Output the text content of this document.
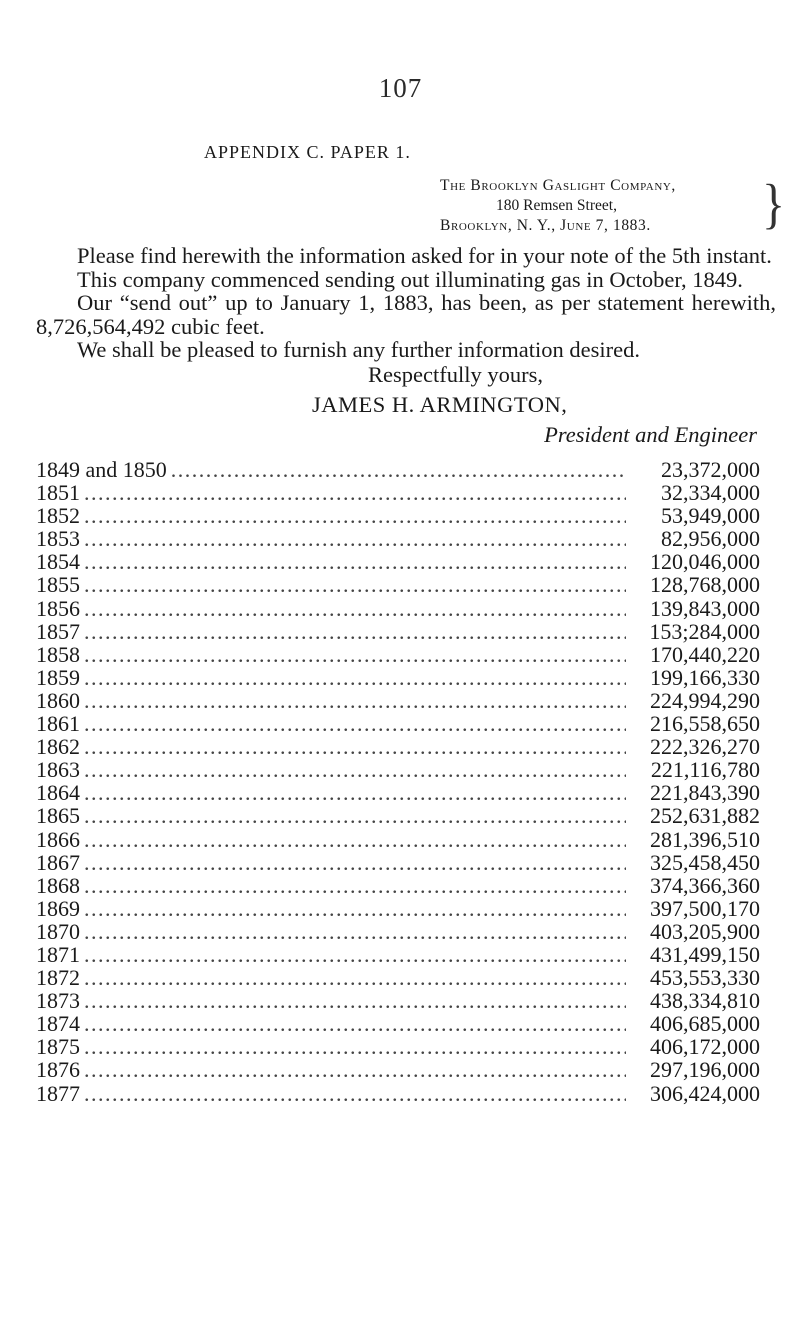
107
APPENDIX C. PAPER 1.
The Brooklyn Gaslight Company,
180 Remsen Street,
Brooklyn, N. Y., June 7, 1883.	}

Please find herewith the information asked for in your note of the 5th instant.

This company commenced sending out illuminating gas in October, 1849.

Our “send out” up to January 1, 1883, has been, as per statement herewith, 8,726,564,492 cubic feet.

We shall be pleased to furnish any further information desired.

Respectfully yours,
JAMES H. ARMINGTON,
President and Engineer
1849 and 1850 . . .	23,372,000
1851 . . .	32,334,000
1852 . . .	53,949,000
1853 . . .	82,956,000
1854 . . .	120,046,000
1855 . . .	128,768,000
1856 . . .	139,843,000
1857 . . .	153;284,000
1858 . . .	170,440,220
1859 . . .	199,166,330
1860 . . .	224,994,290
1861 . . .	216,558,650
1862 . . .	222,326,270
1863 . . .	221,116,780
1864 . . .	221,843,390
1865 . . .	252,631,882
1866 . . .	281,396,510
1867 . . .	325,458,450
1868 . . .	374,366,360
1869 . . .	397,500,170
1870 . . .	403,205,900
1871 . . .	431,499,150
1872 . . .	453,553,330
1873 . . .	438,334,810
1874 . . .	406,685,000
1875 . . .	406,172,000
1876 . . .	297,196,000
1877 . . .	306,424,000
